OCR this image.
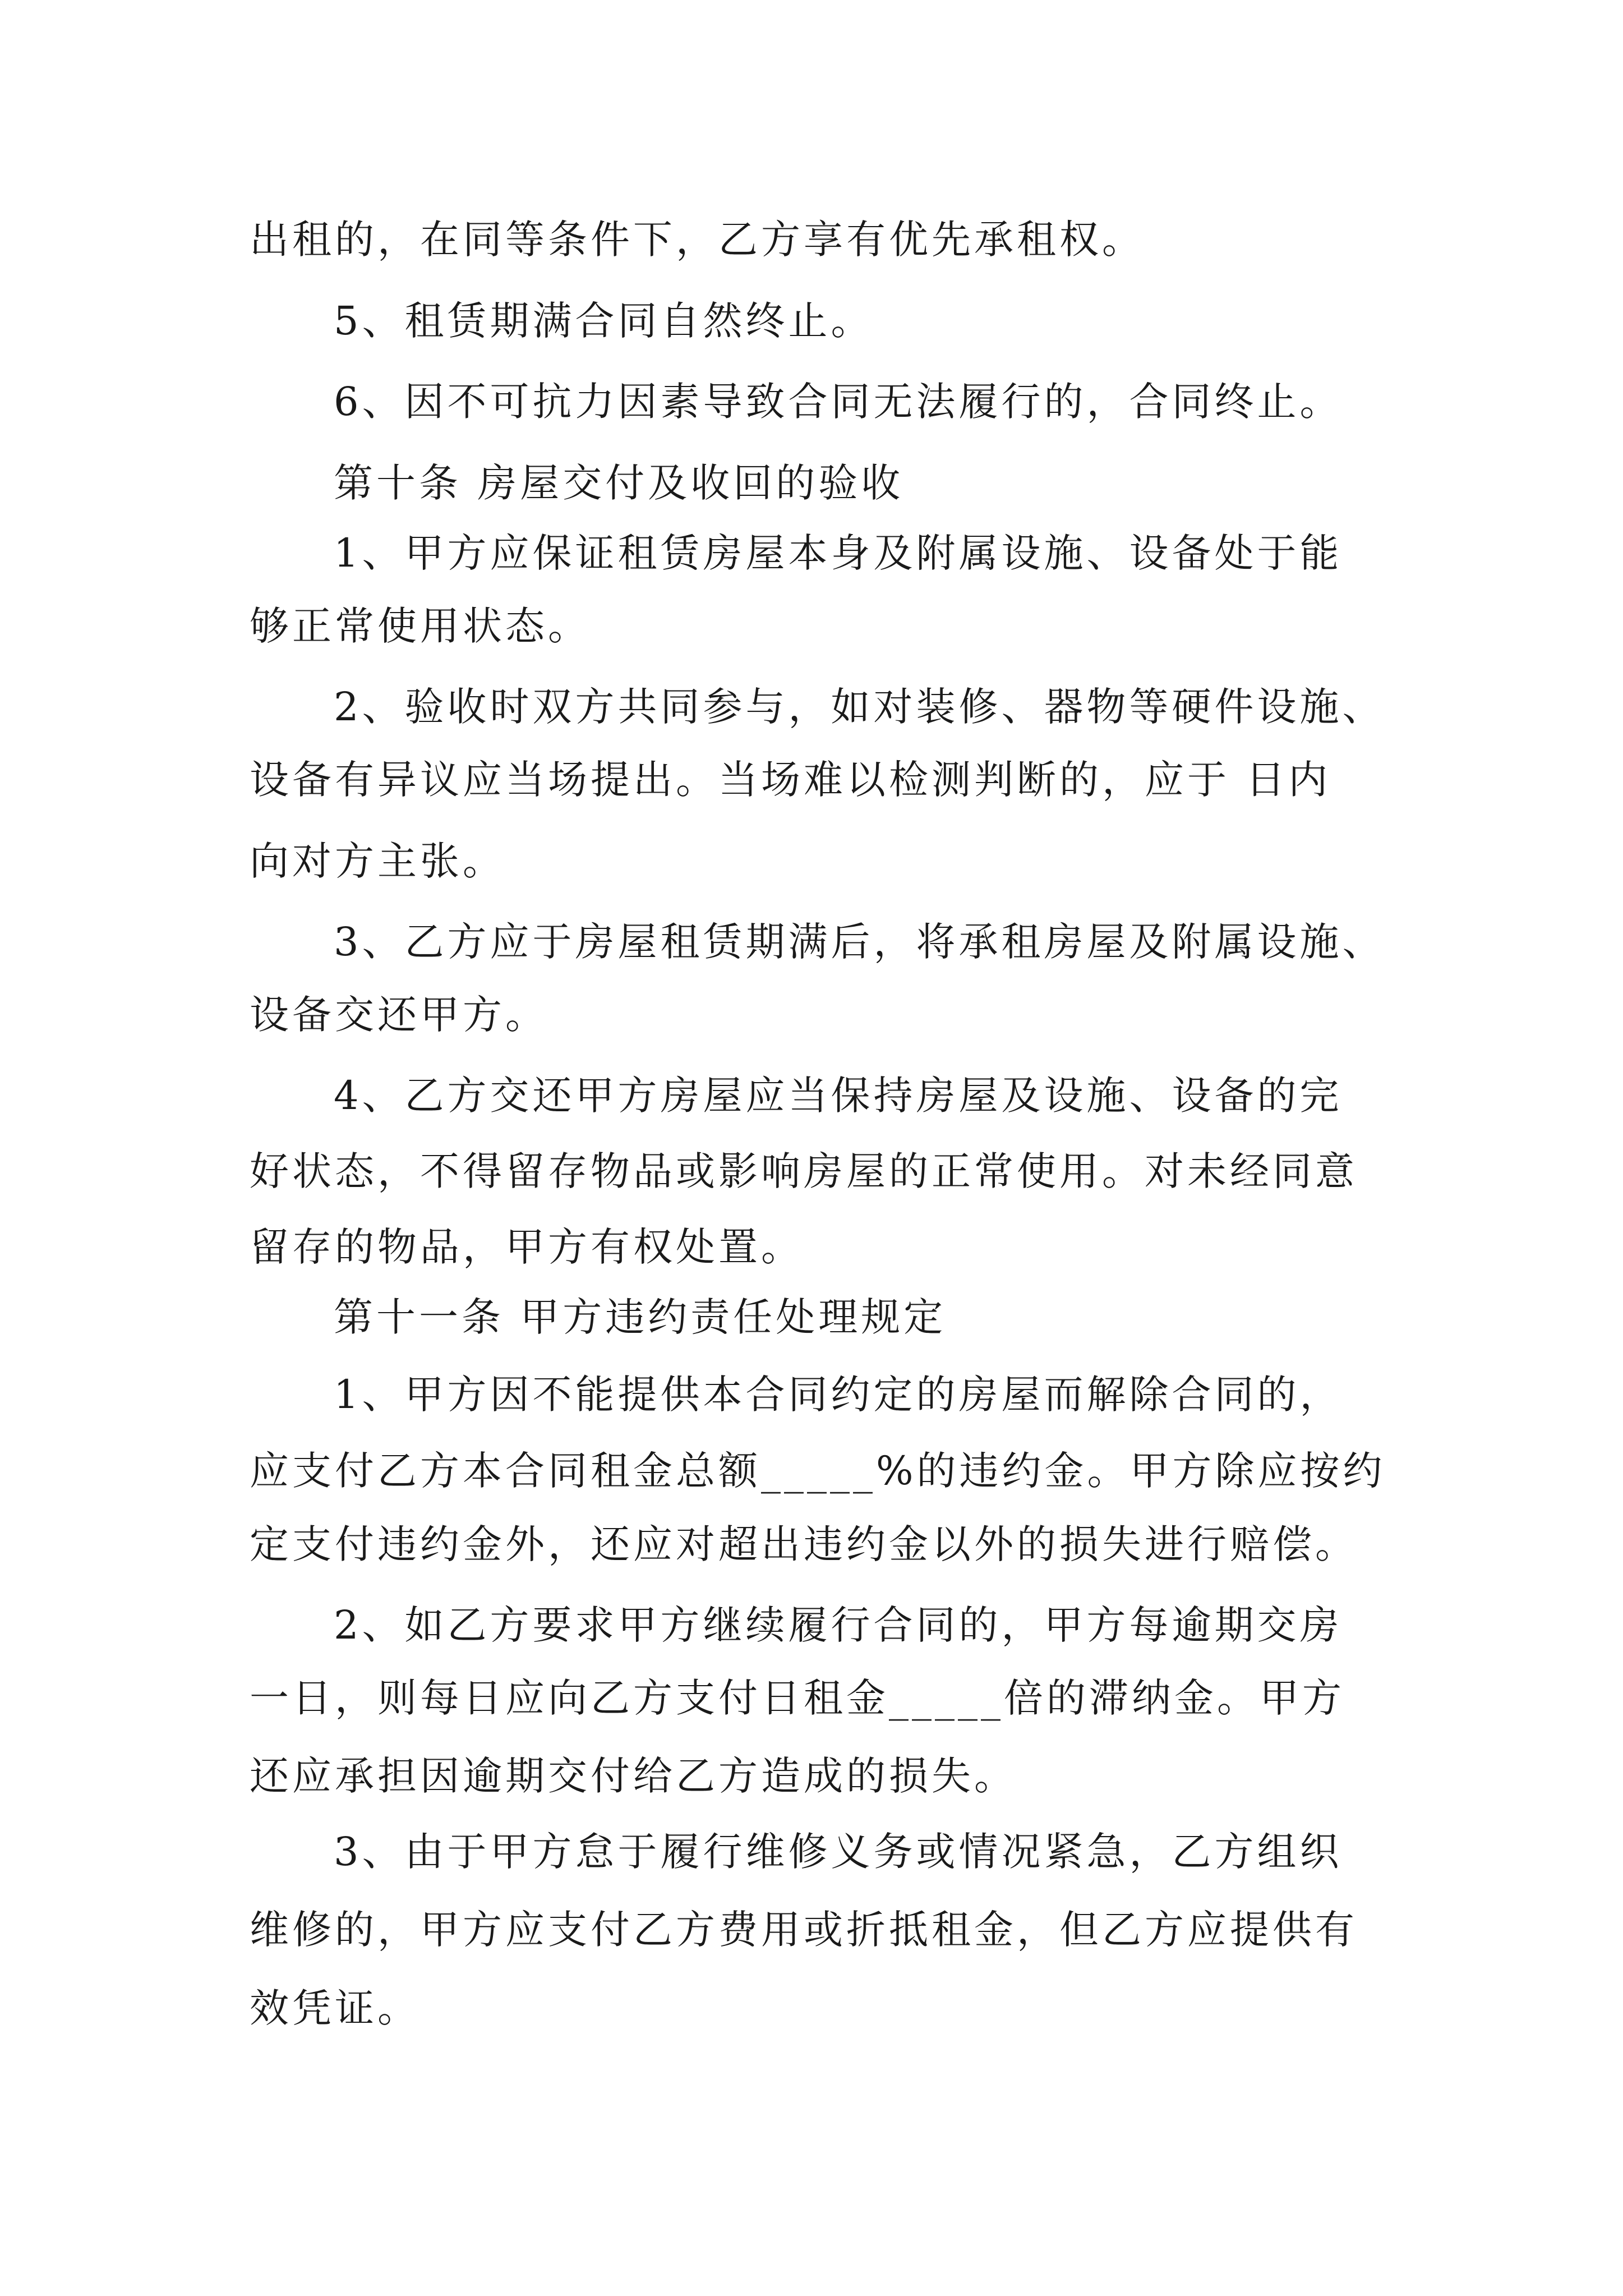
出租的，在同等条件下，乙方享有优先承租权。
5、租赁期满合同自然终止。
6、因不可抗力因素导致合同无法履行的，合同终止。
第十条 房屋交付及收回的验收
1、甲方应保证租赁房屋本身及附属设施、设备处于能
够正常使用状态。
2、验收时双方共同参与，如对装修、器物等硬件设施、
设备有异议应当场提出。当场难以检测判断的，应于 日内
向对方主张。
3、乙方应于房屋租赁期满后，将承租房屋及附属设施、
设备交还甲方。
4、乙方交还甲方房屋应当保持房屋及设施、设备的完
好状态，不得留存物品或影响房屋的正常使用。对未经同意
留存的物品，甲方有权处置。
第十一条 甲方违约责任处理规定
1、甲方因不能提供本合同约定的房屋而解除合同的，
应支付乙方本合同租金总额_____%的违约金。甲方除应按约
定支付违约金外，还应对超出违约金以外的损失进行赔偿。
2、如乙方要求甲方继续履行合同的，甲方每逾期交房
一日，则每日应向乙方支付日租金_____倍的滞纳金。甲方
还应承担因逾期交付给乙方造成的损失。
3、由于甲方怠于履行维修义务或情况紧急，乙方组织
维修的，甲方应支付乙方费用或折抵租金，但乙方应提供有
效凭证。
